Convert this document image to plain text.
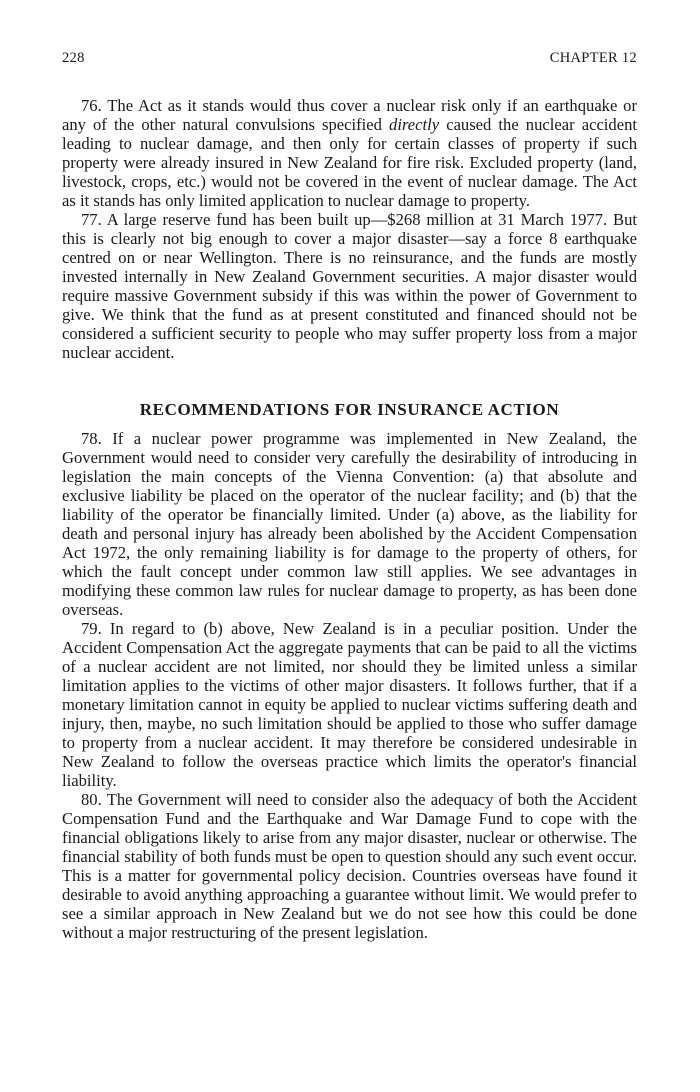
228	CHAPTER 12

76. The Act as it stands would thus cover a nuclear risk only if an earthquake or any of the other natural convulsions specified directly caused the nuclear accident leading to nuclear damage, and then only for certain classes of property if such property were already insured in New Zealand for fire risk. Excluded property (land, livestock, crops, etc.) would not be covered in the event of nuclear damage. The Act as it stands has only limited application to nuclear damage to property.

77. A large reserve fund has been built up—$268 million at 31 March 1977. But this is clearly not big enough to cover a major disaster—say a force 8 earthquake centred on or near Wellington. There is no reinsurance, and the funds are mostly invested internally in New Zealand Government securities. A major disaster would require massive Government subsidy if this was within the power of Government to give. We think that the fund as at present constituted and financed should not be considered a sufficient security to people who may suffer property loss from a major nuclear accident.

RECOMMENDATIONS FOR INSURANCE ACTION

78. If a nuclear power programme was implemented in New Zealand, the Government would need to consider very carefully the desirability of introducing in legislation the main concepts of the Vienna Convention: (a) that absolute and exclusive liability be placed on the operator of the nuclear facility; and (b) that the liability of the operator be financially limited. Under (a) above, as the liability for death and personal injury has already been abolished by the Accident Compensation Act 1972, the only remaining liability is for damage to the property of others, for which the fault concept under common law still applies. We see advantages in modifying these common law rules for nuclear damage to property, as has been done overseas.

79. In regard to (b) above, New Zealand is in a peculiar position. Under the Accident Compensation Act the aggregate payments that can be paid to all the victims of a nuclear accident are not limited, nor should they be limited unless a similar limitation applies to the victims of other major disasters. It follows further, that if a monetary limitation cannot in equity be applied to nuclear victims suffering death and injury, then, maybe, no such limitation should be applied to those who suffer damage to property from a nuclear accident. It may therefore be considered undesirable in New Zealand to follow the overseas practice which limits the operator's financial liability.

80. The Government will need to consider also the adequacy of both the Accident Compensation Fund and the Earthquake and War Damage Fund to cope with the financial obligations likely to arise from any major disaster, nuclear or otherwise. The financial stability of both funds must be open to question should any such event occur. This is a matter for governmental policy decision. Countries overseas have found it desirable to avoid anything approaching a guarantee without limit. We would prefer to see a similar approach in New Zealand but we do not see how this could be done without a major restructuring of the present legislation.
